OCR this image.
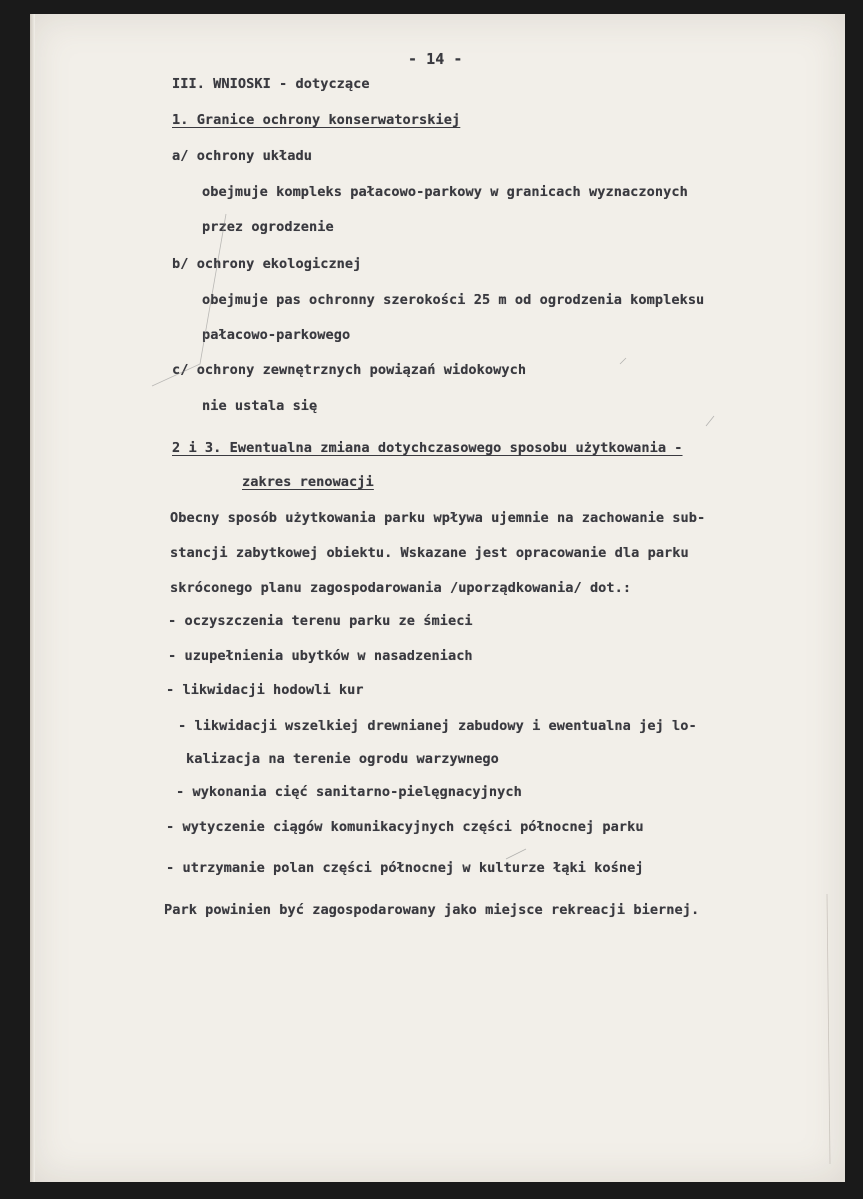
- 14 -
III. WNIOSKI - dotyczące
1. Granice ochrony konserwatorskiej
a/ ochrony układu
obejmuje kompleks pałacowo-parkowy w granicach wyznaczonych
przez ogrodzenie
b/ ochrony ekologicznej
obejmuje pas ochronny szerokości 25 m od ogrodzenia kompleksu
pałacowo-parkowego
c/ ochrony zewnętrznych powiązań widokowych
nie ustala się
2 i 3. Ewentualna zmiana dotychczasowego sposobu użytkowania -
zakres renowacji
Obecny sposób użytkowania parku wpływa ujemnie na zachowanie sub-
stancji zabytkowej obiektu. Wskazane jest opracowanie dla parku
skróconego planu zagospodarowania /uporządkowania/ dot.:
- oczyszczenia terenu parku ze śmieci
- uzupełnienia ubytków w nasadzeniach
- likwidacji hodowli kur
- likwidacji wszelkiej drewnianej zabudowy i ewentualna jej lo-
kalizacja na terenie ogrodu warzywnego
- wykonania cięć sanitarno-pielęgnacyjnych
- wytyczenie ciągów komunikacyjnych części północnej parku
- utrzymanie polan części północnej w kulturze łąki kośnej
Park powinien być zagospodarowany jako miejsce rekreacji biernej.
